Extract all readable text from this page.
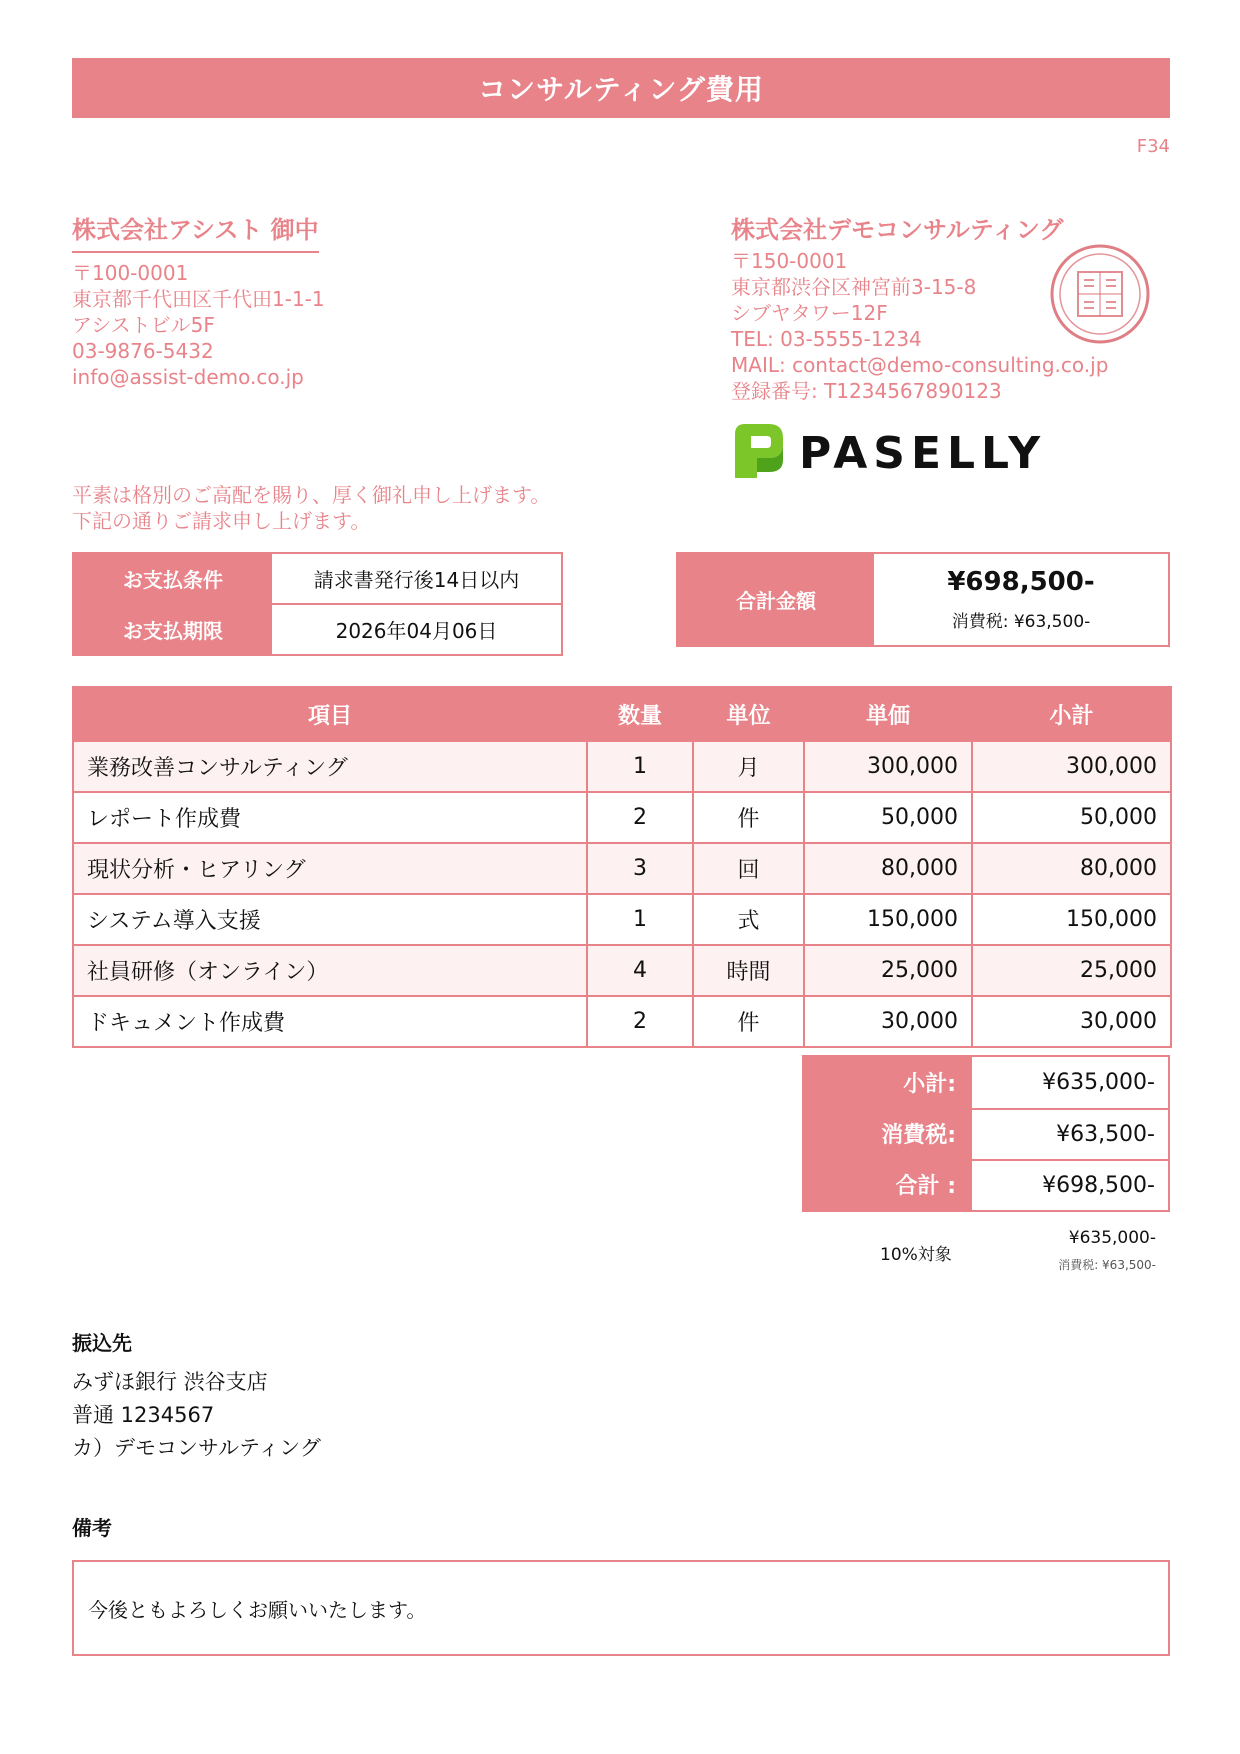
コンサルティング費用
F34
株式会社アシスト 御中
〒100-0001
東京都千代田区千代田1-1-1
アシストビル5F
03-9876-5432
info@assist-demo.co.jp
株式会社デモコンサルティング
〒150-0001
東京都渋谷区神宮前3-15-8
シブヤタワー12F
TEL: 03-5555-1234
MAIL: contact@demo-consulting.co.jp
登録番号: T1234567890123
PASELLY
平素は格別のご高配を賜り、厚く御礼申し上げます。
下記の通りご請求申し上げます。
お支払条件	請求書発行後14日以内
お支払期限	2026年04月06日
合計金額
¥698,500-
消費税: ¥63,500-
項目	数量	単位	単価	小計
業務改善コンサルティング	1	月	300,000	300,000
レポート作成費	2	件	50,000	50,000
現状分析・ヒアリング	3	回	80,000	80,000
システム導入支援	1	式	150,000	150,000
社員研修（オンライン）	4	時間	25,000	25,000
ドキュメント作成費	2	件	30,000	30,000
小計:	¥635,000-
消費税:	¥63,500-
合計 :	¥698,500-
10%対象
¥635,000-
消費税: ¥63,500-
振込先
みずほ銀行 渋谷支店
普通 1234567
カ）デモコンサルティング
備考
今後ともよろしくお願いいたします。
